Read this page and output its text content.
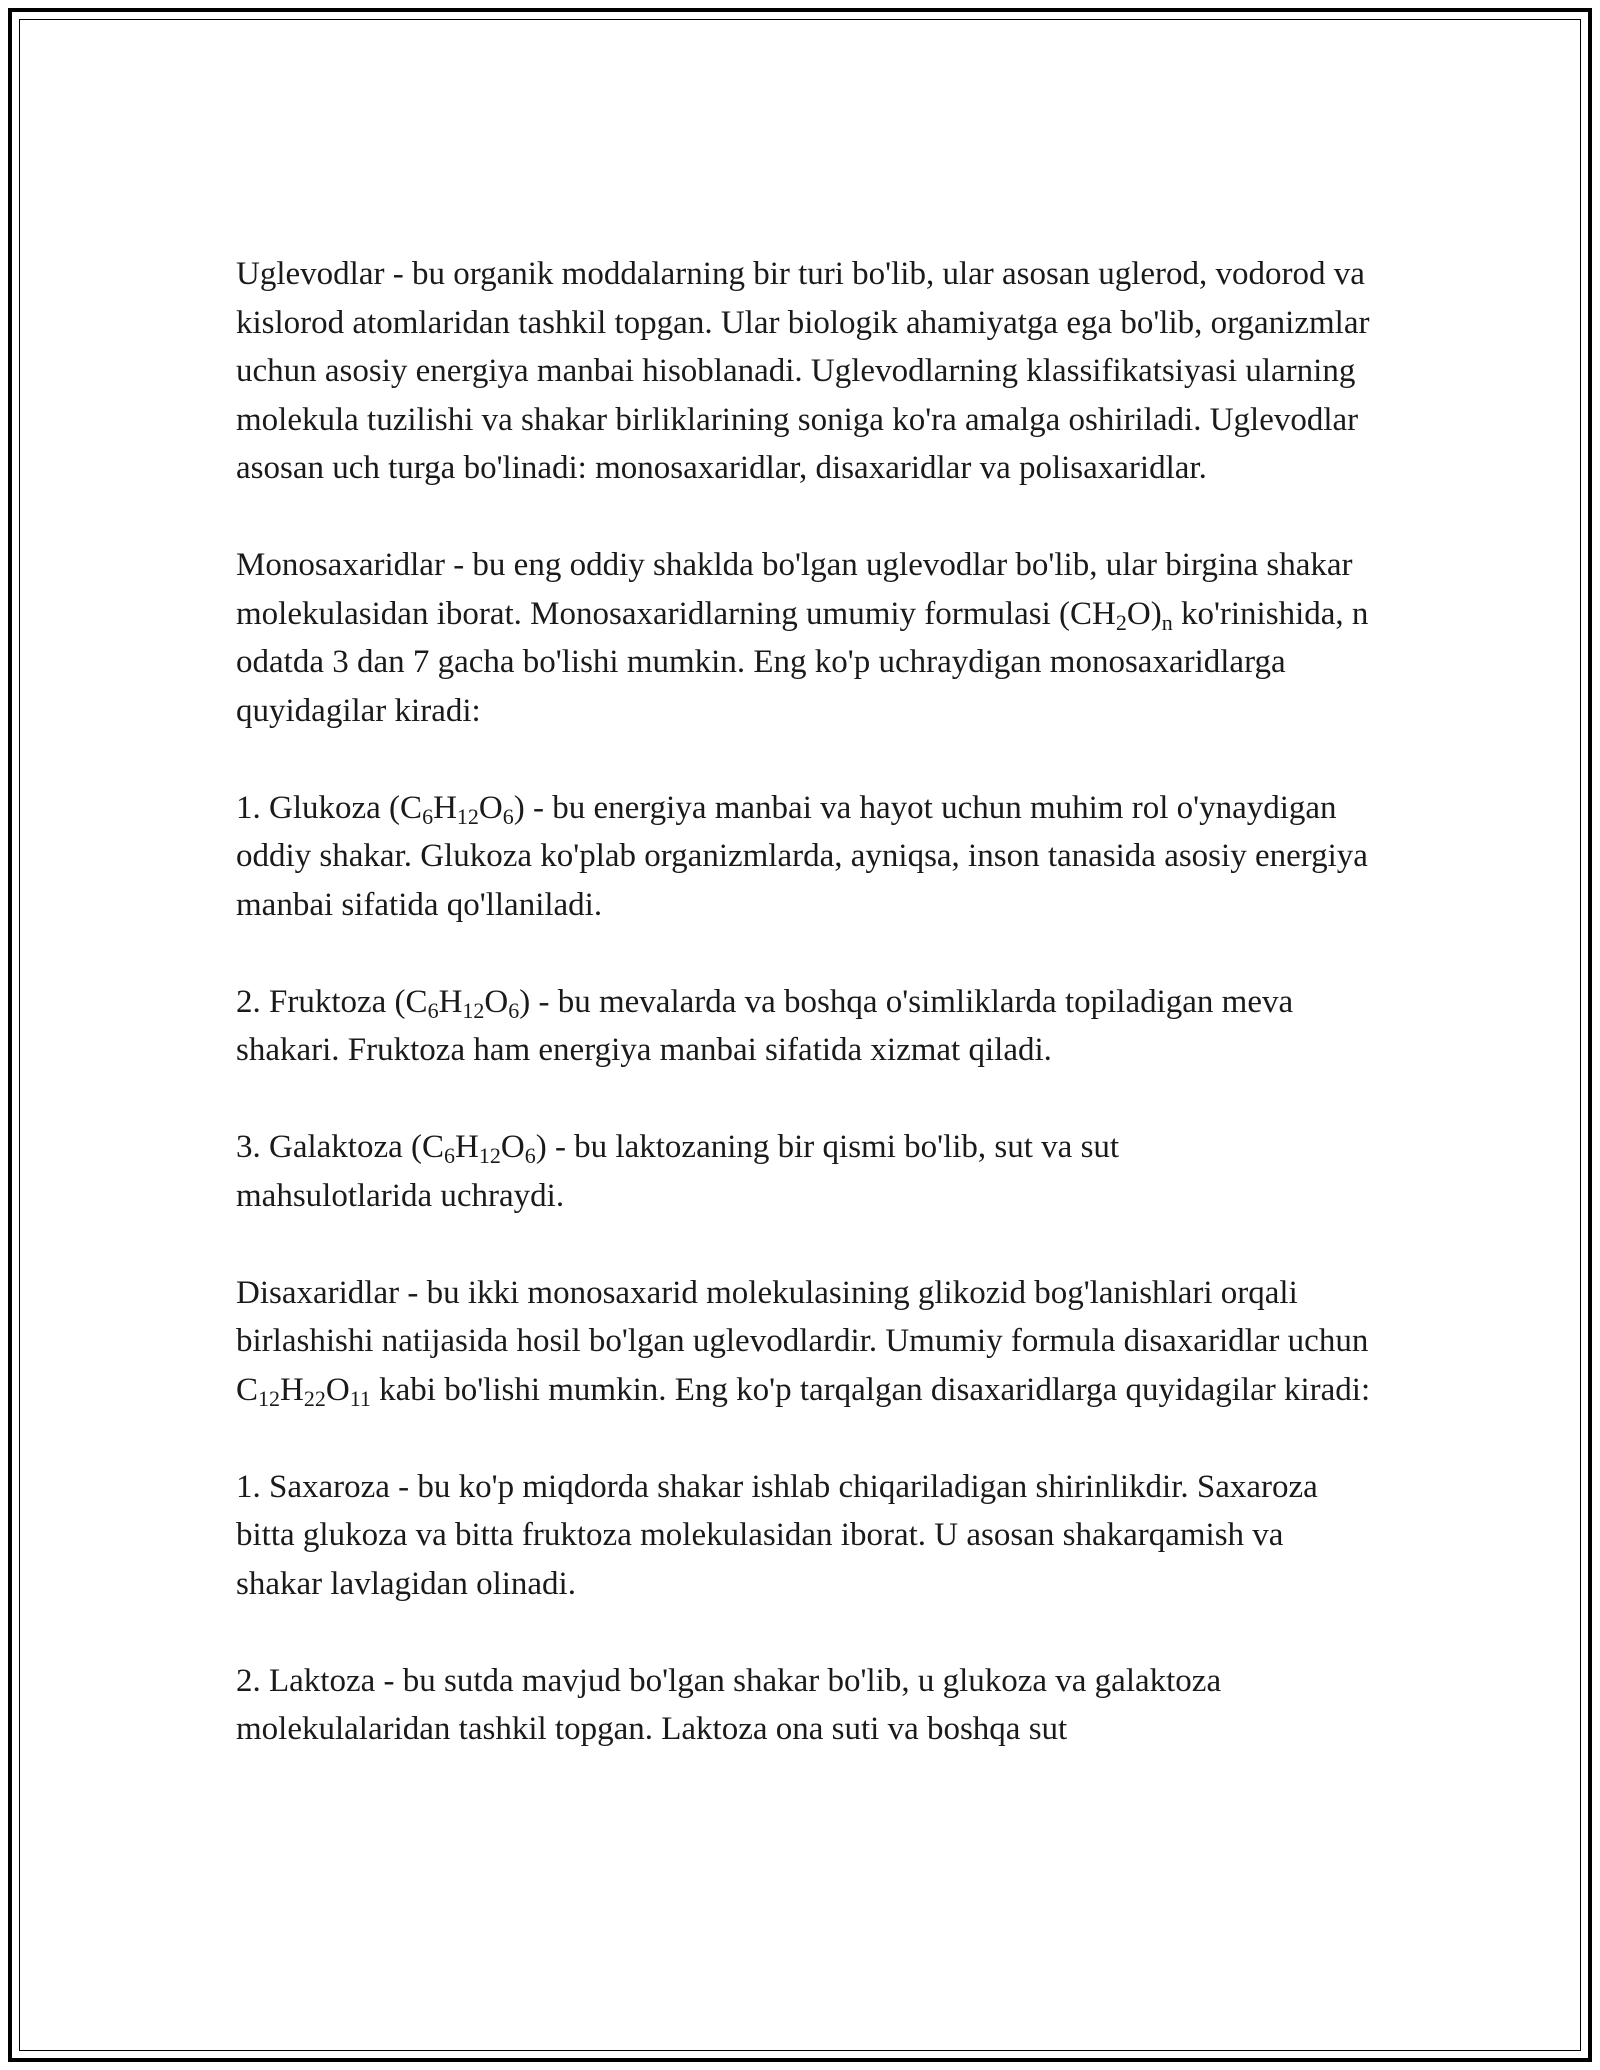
Uglevodlar - bu organik moddalarning bir turi bo'lib, ular asosan uglerod, vodorod va kislorod atomlaridan tashkil topgan. Ular biologik ahamiyatga ega bo'lib, organizmlar uchun asosiy energiya manbai hisoblanadi. Uglevodlarning klassifikatsiyasi ularning molekula tuzilishi va shakar birliklarining soniga ko'ra amalga oshiriladi. Uglevodlar asosan uch turga bo'linadi: monosaxaridlar, disaxaridlar va polisaxaridlar.

Monosaxaridlar - bu eng oddiy shaklda bo'lgan uglevodlar bo'lib, ular birgina shakar molekulasidan iborat. Monosaxaridlarning umumiy formulasi $(CH_2O)_n$ ko'rinishida, n odatda 3 dan 7 gacha bo'lishi mumkin. Eng ko'p uchraydigan monosaxaridlarga quyidagilar kiradi:

1. Glukoza $(C_6H_{12}O_6)$ - bu energiya manbai va hayot uchun muhim rol o'ynaydigan oddiy shakar. Glukoza ko'plab organizmlarda, ayniqsa, inson tanasida asosiy energiya manbai sifatida qo'llaniladi.

2. Fruktoza $(C_6H_{12}O_6)$ - bu mevalarda va boshqa o'simliklarda topiladigan meva shakari. Fruktoza ham energiya manbai sifatida xizmat qiladi.

3. Galaktoza $(C_6H_{12}O_6)$ - bu laktozaning bir qismi bo'lib, sut va sut
mahsulotlarida uchraydi.

Disaxaridlar - bu ikki monosaxarid molekulasining glikozid bog'lanishlari orqali birlashishi natijasida hosil bo'lgan uglevodlardir. Umumiy formula disaxaridlar uchun $C_{12}H_{22}O_{11}$ kabi bo'lishi mumkin. Eng ko'p tarqalgan disaxaridlarga quyidagilar kiradi:

1. Saxaroza - bu ko'p miqdorda shakar ishlab chiqariladigan shirinlikdir. Saxaroza bitta glukoza va bitta fruktoza molekulasidan iborat. U asosan shakarqamish va shakar lavlagidan olinadi.

2. Laktoza - bu sutda mavjud bo'lgan shakar bo'lib, u glukoza va galaktoza molekulalaridan tashkil topgan. Laktoza ona suti va boshqa sut
